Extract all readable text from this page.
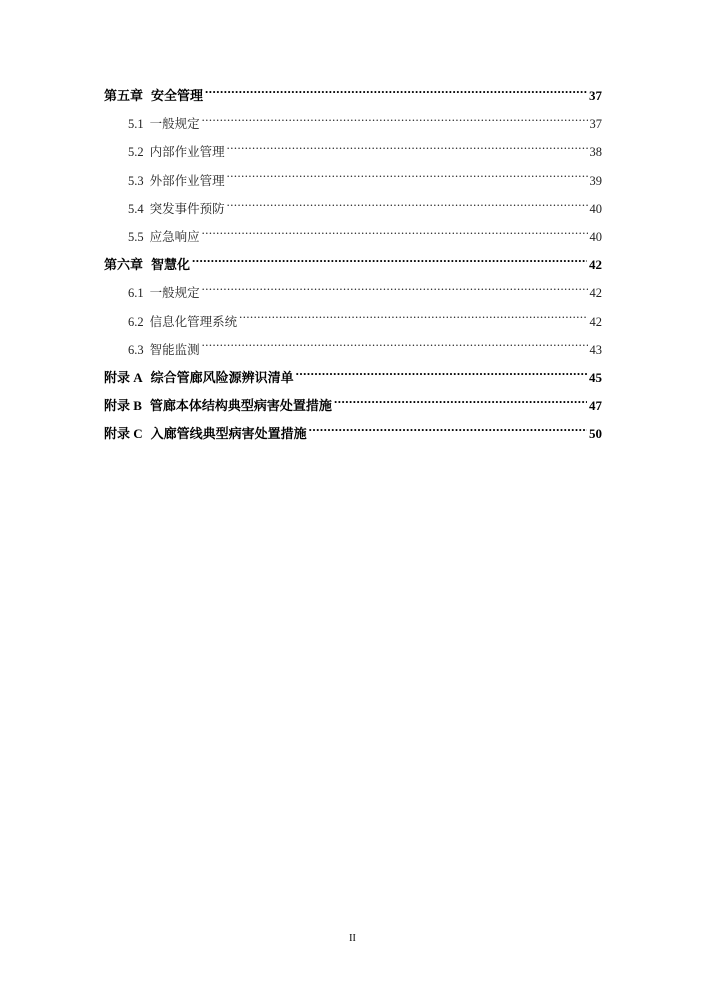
第五章 安全管理 .....	37
5.1 一般规定 .....	37
5.2 内部作业管理 .....	38
5.3 外部作业管理 .....	39
5.4 突发事件预防 .....	40
5.5 应急响应 .....	40
第六章 智慧化 .....	42
6.1 一般规定 .....	42
6.2 信息化管理系统 .....	42
6.3 智能监测 .....	43
附录 A 综合管廊风险源辨识清单 .....	45
附录 B 管廊本体结构典型病害处置措施 .....	47
附录 C 入廊管线典型病害处置措施 .....	50
II
